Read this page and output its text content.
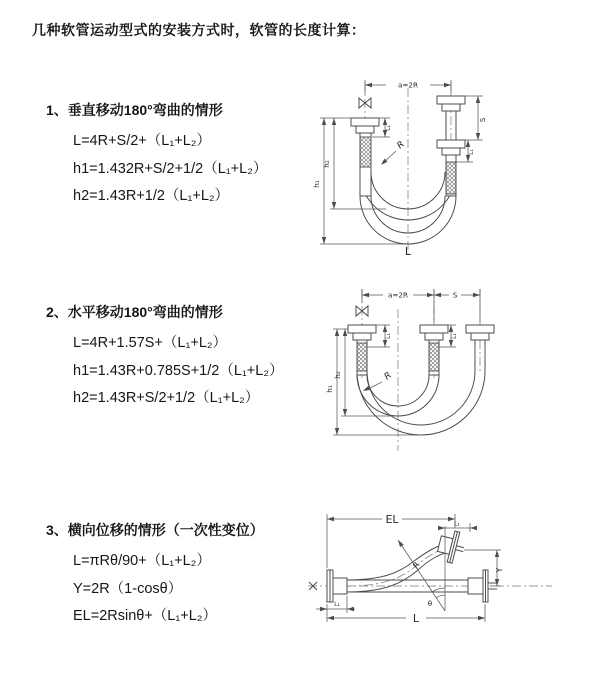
几种软管运动型式的安装方式时，软管的长度计算：
1、垂直移动180°弯曲的情形
L=4R+S/2+（L₁+L₂）
h1=1.432R+S/2+1/2（L₁+L₂）
h2=1.43R+1/2（L₁+L₂）
2、水平移动180°弯曲的情形
L=4R+1.57S+（L₁+L₂）
h1=1.43R+0.785S+1/2（L₁+L₂）
h2=1.43R+S/2+1/2（L₁+L₂）
3、横向位移的情形（一次性变位）
L=πRθ/90+（L₁+L₂）
Y=2R（1-cosθ）
EL=2Rsinθ+（L₁+L₂）
a=2R
S
L₁
h₁
h₂
L₁
R
L
a=2R	S
h₁
h₂
L₁	L₁
R
R
θ
EL	L₁
Y
L
L₁
